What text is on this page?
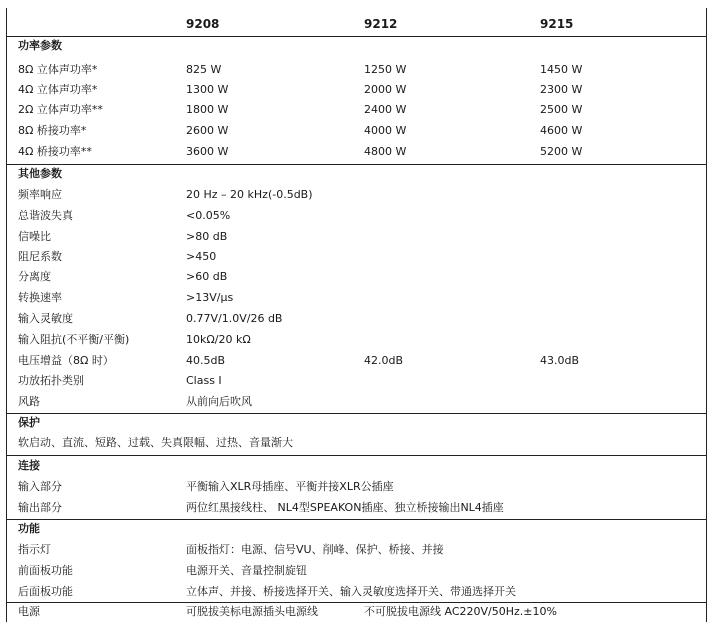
9208	9212	9215
功率参数
8Ω 立体声功率*	825 W	1250 W	1450 W
4Ω 立体声功率*	1300 W	2000 W	2300 W
2Ω 立体声功率**	1800 W	2400 W	2500 W
8Ω 桥接功率*	2600 W	4000 W	4600 W
4Ω 桥接功率**	3600 W	4800 W	5200 W
其他参数
频率响应	20 Hz – 20 kHz(-0.5dB)
总谐波失真	<0.05%
信噪比	>80 dB
阻尼系数	>450
分离度	>60 dB
转换速率	>13V/μs
输入灵敏度	0.77V/1.0V/26 dB
输入阻抗(不平衡/平衡)	10kΩ/20 kΩ
电压增益（8Ω 时）	40.5dB	42.0dB	43.0dB
功放拓扑类别	Class I
风路	从前向后吹风
保护
软启动、直流、短路、过载、失真限幅、过热、音量渐大
连接
输入部分	平衡输入XLR母插座、平衡并接XLR公插座
输出部分	两位红黑接线柱、 NL4型SPEAKON插座、独立桥接输出NL4插座
功能
指示灯	面板指灯：电源、信号VU、削峰、保护、桥接、并接
前面板功能	电源开关、音量控制旋钮
后面板功能	立体声、并接、桥接选择开关、输入灵敏度选择开关、带通选择开关
电源	可脱拔美标电源插头电源线	不可脱拔电源线 AC220V/50Hz.±10%
